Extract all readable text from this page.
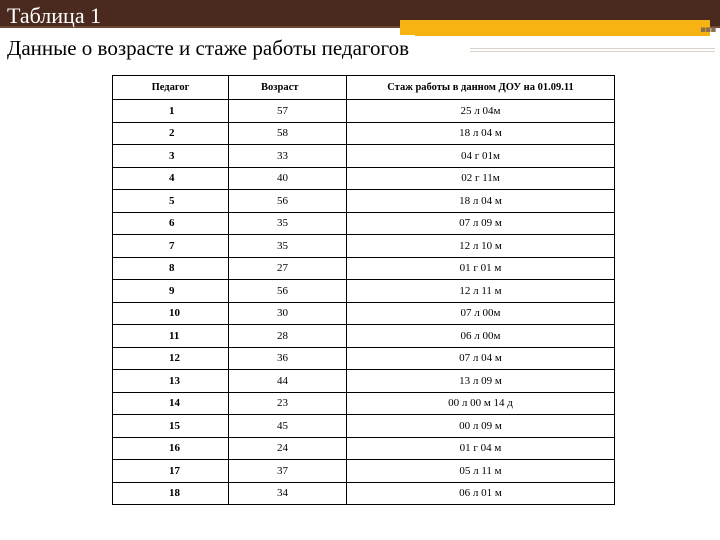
▪▪▪
Таблица 1
Данные о возрасте и стаже работы педагогов
Педагог	Возраст	Стаж работы в данном ДОУ на 01.09.11
1	57	25 л 04м
2	58	18 л 04 м
3	33	04 г 01м
4	40	02 г 11м
5	56	18 л 04 м
6	35	07 л 09 м
7	35	12 л 10 м
8	27	01 г 01 м
9	56	12 л 11 м
10	30	07 л 00м
11	28	06 л 00м
12	36	07 л 04 м
13	44	13 л 09 м
14	23	00 л 00 м 14 д
15	45	00 л 09 м
16	24	01 г 04 м
17	37	05 л 11 м
18	34	06 л 01 м
